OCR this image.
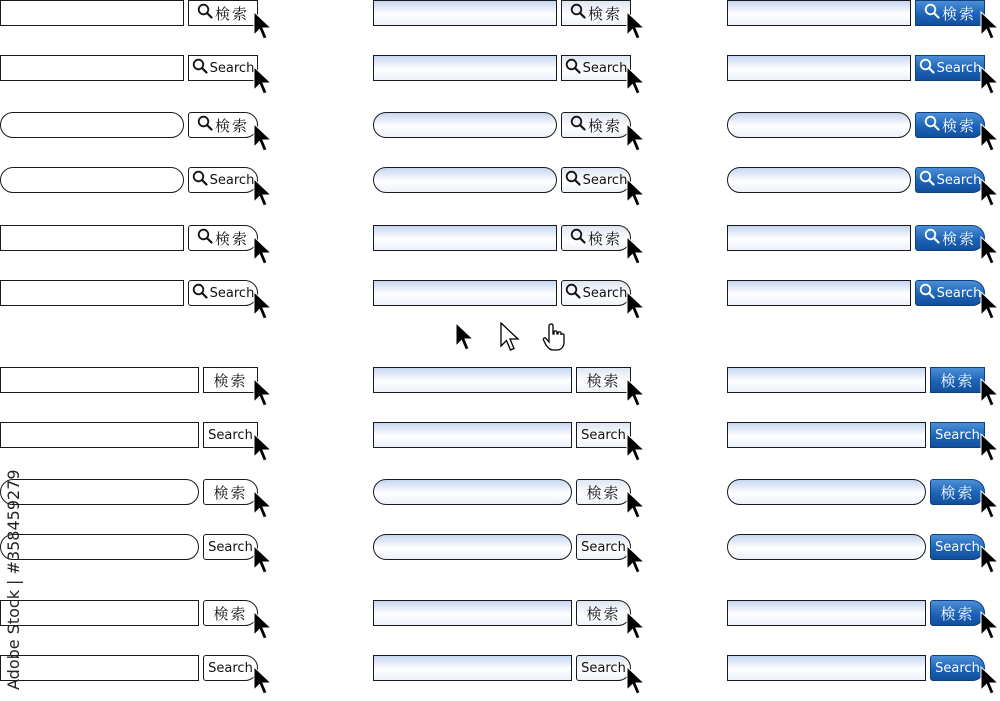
検索
Search
検索
Search
検索
Search
検索
Search
検索
Search
検索
Search
検索
Search
検索
Search
検索
Search
検索
Search
検索
Search
検索
Search
検索
Search
検索
Search
検索
Search
検索
Search
検索
Search
検索
Search
Adobe Stock | #358459279
